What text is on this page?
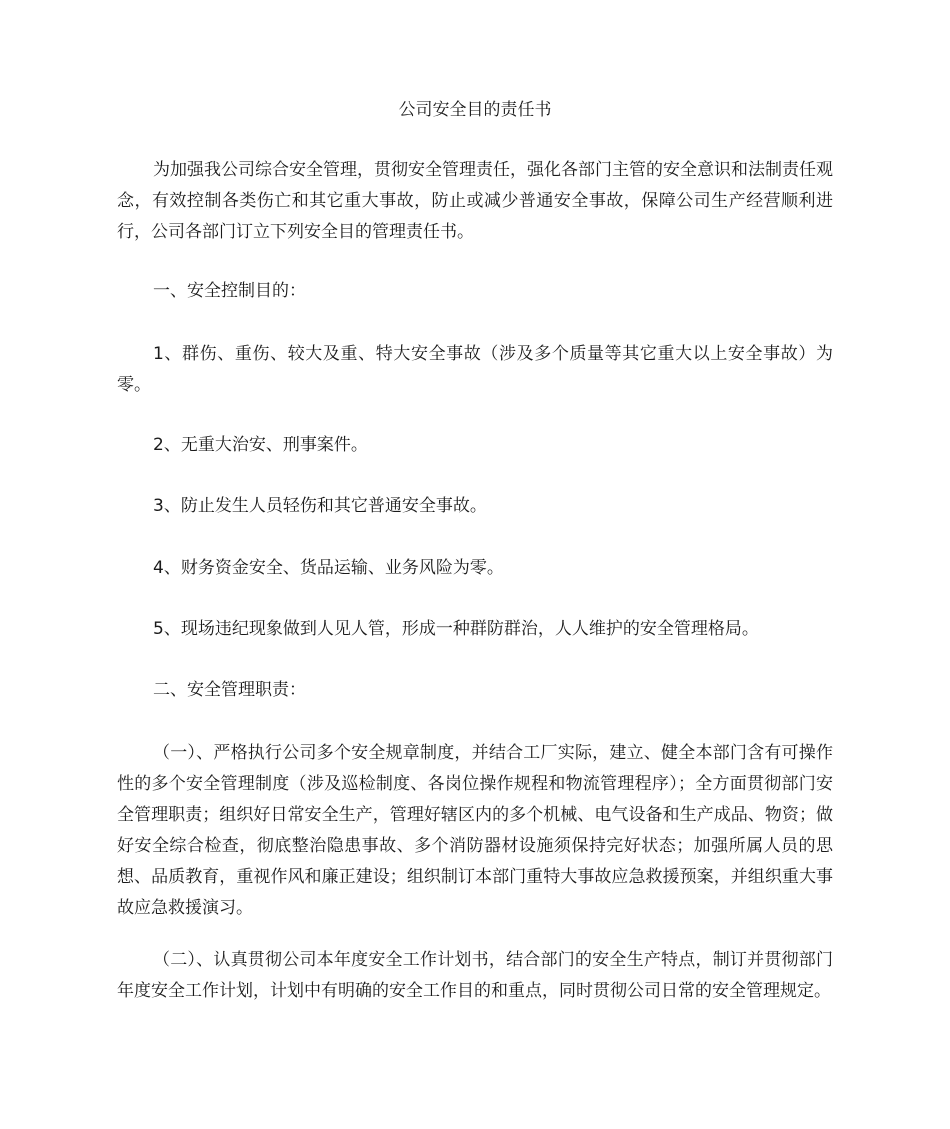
公司安全目的责任书

为加强我公司综合安全管理，贯彻安全管理责任，强化各部门主管的安全意识和法制责任观念，有效控制各类伤亡和其它重大事故，防止或减少普通安全事故，保障公司生产经营顺利进行，公司各部门订立下列安全目的管理责任书。

一、安全控制目的：

1、群伤、重伤、较大及重、特大安全事故（涉及多个质量等其它重大以上安全事故）为零。

2、无重大治安、刑事案件。

3、防止发生人员轻伤和其它普通安全事故。

4、财务资金安全、货品运输、业务风险为零。

5、现场违纪现象做到人见人管，形成一种群防群治，人人维护的安全管理格局。

二、安全管理职责：

（一）、严格执行公司多个安全规章制度，并结合工厂实际，建立、健全本部门含有可操作性的多个安全管理制度（涉及巡检制度、各岗位操作规程和物流管理程序）；全方面贯彻部门安全管理职责；组织好日常安全生产，管理好辖区内的多个机械、电气设备和生产成品、物资；做好安全综合检查，彻底整治隐患事故、多个消防器材设施须保持完好状态；加强所属人员的思想、品质教育，重视作风和廉正建设；组织制订本部门重特大事故应急救援预案，并组织重大事故应急救援演习。

（二）、认真贯彻公司本年度安全工作计划书，结合部门的安全生产特点，制订并贯彻部门年度安全工作计划，计划中有明确的安全工作目的和重点，同时贯彻公司日常的安全管理规定。
